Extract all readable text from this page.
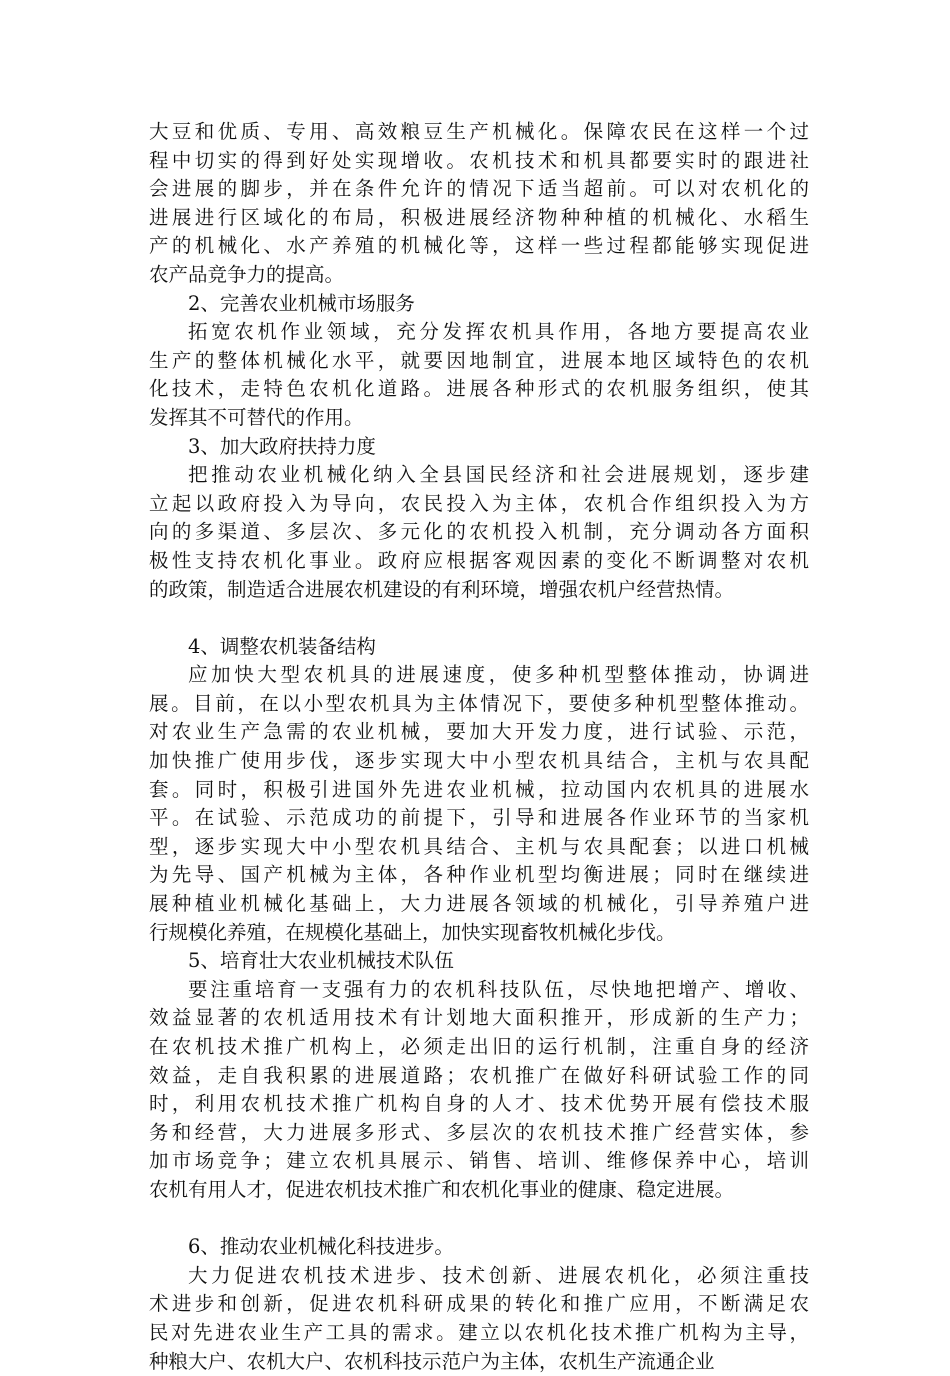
大豆和优质、专用、高效粮豆生产机械化。保障农民在这样一个过
程中切实的得到好处实现增收。农机技术和机具都要实时的跟进社
会进展的脚步，并在条件允许的情况下适当超前。可以对农机化的
进展进行区域化的布局，积极进展经济物种种植的机械化、水稻生
产的机械化、水产养殖的机械化等，这样一些过程都能够实现促进
农产品竞争力的提高。
2、完善农业机械市场服务
拓宽农机作业领域，充分发挥农机具作用，各地方要提高农业
生产的整体机械化水平，就要因地制宜，进展本地区域特色的农机
化技术，走特色农机化道路。进展各种形式的农机服务组织，使其
发挥其不可替代的作用。
3、加大政府扶持力度
把推动农业机械化纳入全县国民经济和社会进展规划，逐步建
立起以政府投入为导向，农民投入为主体，农机合作组织投入为方
向的多渠道、多层次、多元化的农机投入机制，充分调动各方面积
极性支持农机化事业。政府应根据客观因素的变化不断调整对农机
的政策，制造适合进展农机建设的有利环境，增强农机户经营热情。
4、调整农机装备结构
应加快大型农机具的进展速度，使多种机型整体推动，协调进
展。目前，在以小型农机具为主体情况下，要使多种机型整体推动。
对农业生产急需的农业机械，要加大开发力度，进行试验、示范，
加快推广使用步伐，逐步实现大中小型农机具结合，主机与农具配
套。同时，积极引进国外先进农业机械，拉动国内农机具的进展水
平。在试验、示范成功的前提下，引导和进展各作业环节的当家机
型，逐步实现大中小型农机具结合、主机与农具配套；以进口机械
为先导、国产机械为主体，各种作业机型均衡进展；同时在继续进
展种植业机械化基础上，大力进展各领域的机械化，引导养殖户进
行规模化养殖，在规模化基础上，加快实现畜牧机械化步伐。
5、培育壮大农业机械技术队伍
要注重培育一支强有力的农机科技队伍，尽快地把增产、增收、
效益显著的农机适用技术有计划地大面积推开，形成新的生产力；
在农机技术推广机构上，必须走出旧的运行机制，注重自身的经济
效益，走自我积累的进展道路；农机推广在做好科研试验工作的同
时，利用农机技术推广机构自身的人才、技术优势开展有偿技术服
务和经营，大力进展多形式、多层次的农机技术推广经营实体，参
加市场竞争；建立农机具展示、销售、培训、维修保养中心，培训
农机有用人才，促进农机技术推广和农机化事业的健康、稳定进展。
6、推动农业机械化科技进步。
大力促进农机技术进步、技术创新、进展农机化，必须注重技
术进步和创新，促进农机科研成果的转化和推广应用，不断满足农
民对先进农业生产工具的需求。建立以农机化技术推广机构为主导，
种粮大户、农机大户、农机科技示范户为主体，农机生产流通企业
